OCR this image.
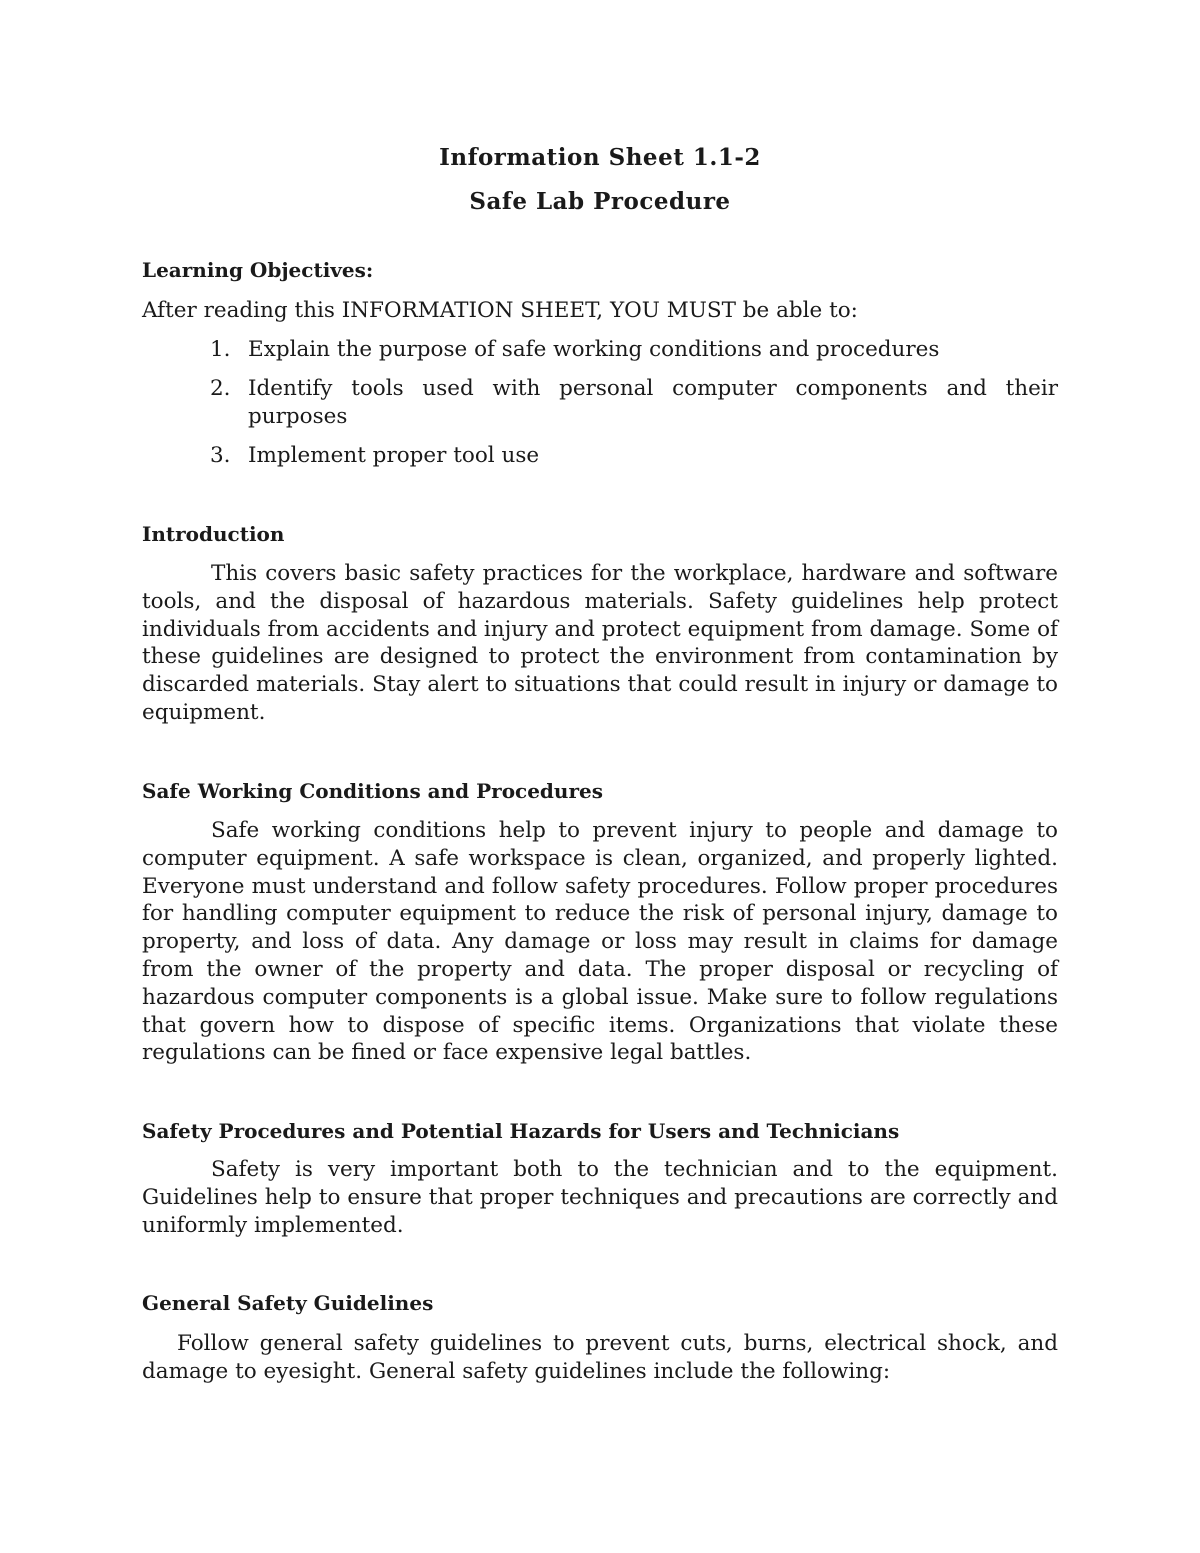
Information Sheet 1.1-2
Safe Lab Procedure
Learning Objectives:
After reading this INFORMATION SHEET, YOU MUST be able to:
1. Explain the purpose of safe working conditions and procedures
2. Identify tools used with personal computer components and their purposes
3. Implement proper tool use
Introduction
This covers basic safety practices for the workplace, hardware and software tools, and the disposal of hazardous materials. Safety guidelines help protect individuals from accidents and injury and protect equipment from damage. Some of these guidelines are designed to protect the environment from contamination by discarded materials. Stay alert to situations that could result in injury or damage to equipment.
Safe Working Conditions and Procedures
Safe working conditions help to prevent injury to people and damage to computer equipment. A safe workspace is clean, organized, and properly lighted. Everyone must understand and follow safety procedures. Follow proper procedures for handling computer equipment to reduce the risk of personal injury, damage to property, and loss of data. Any damage or loss may result in claims for damage from the owner of the property and data. The proper disposal or recycling of hazardous computer components is a global issue. Make sure to follow regulations that govern how to dispose of specific items. Organizations that violate these regulations can be fined or face expensive legal battles.
Safety Procedures and Potential Hazards for Users and Technicians
Safety is very important both to the technician and to the equipment. Guidelines help to ensure that proper techniques and precautions are correctly and uniformly implemented.
General Safety Guidelines
Follow general safety guidelines to prevent cuts, burns, electrical shock, and damage to eyesight. General safety guidelines include the following:
